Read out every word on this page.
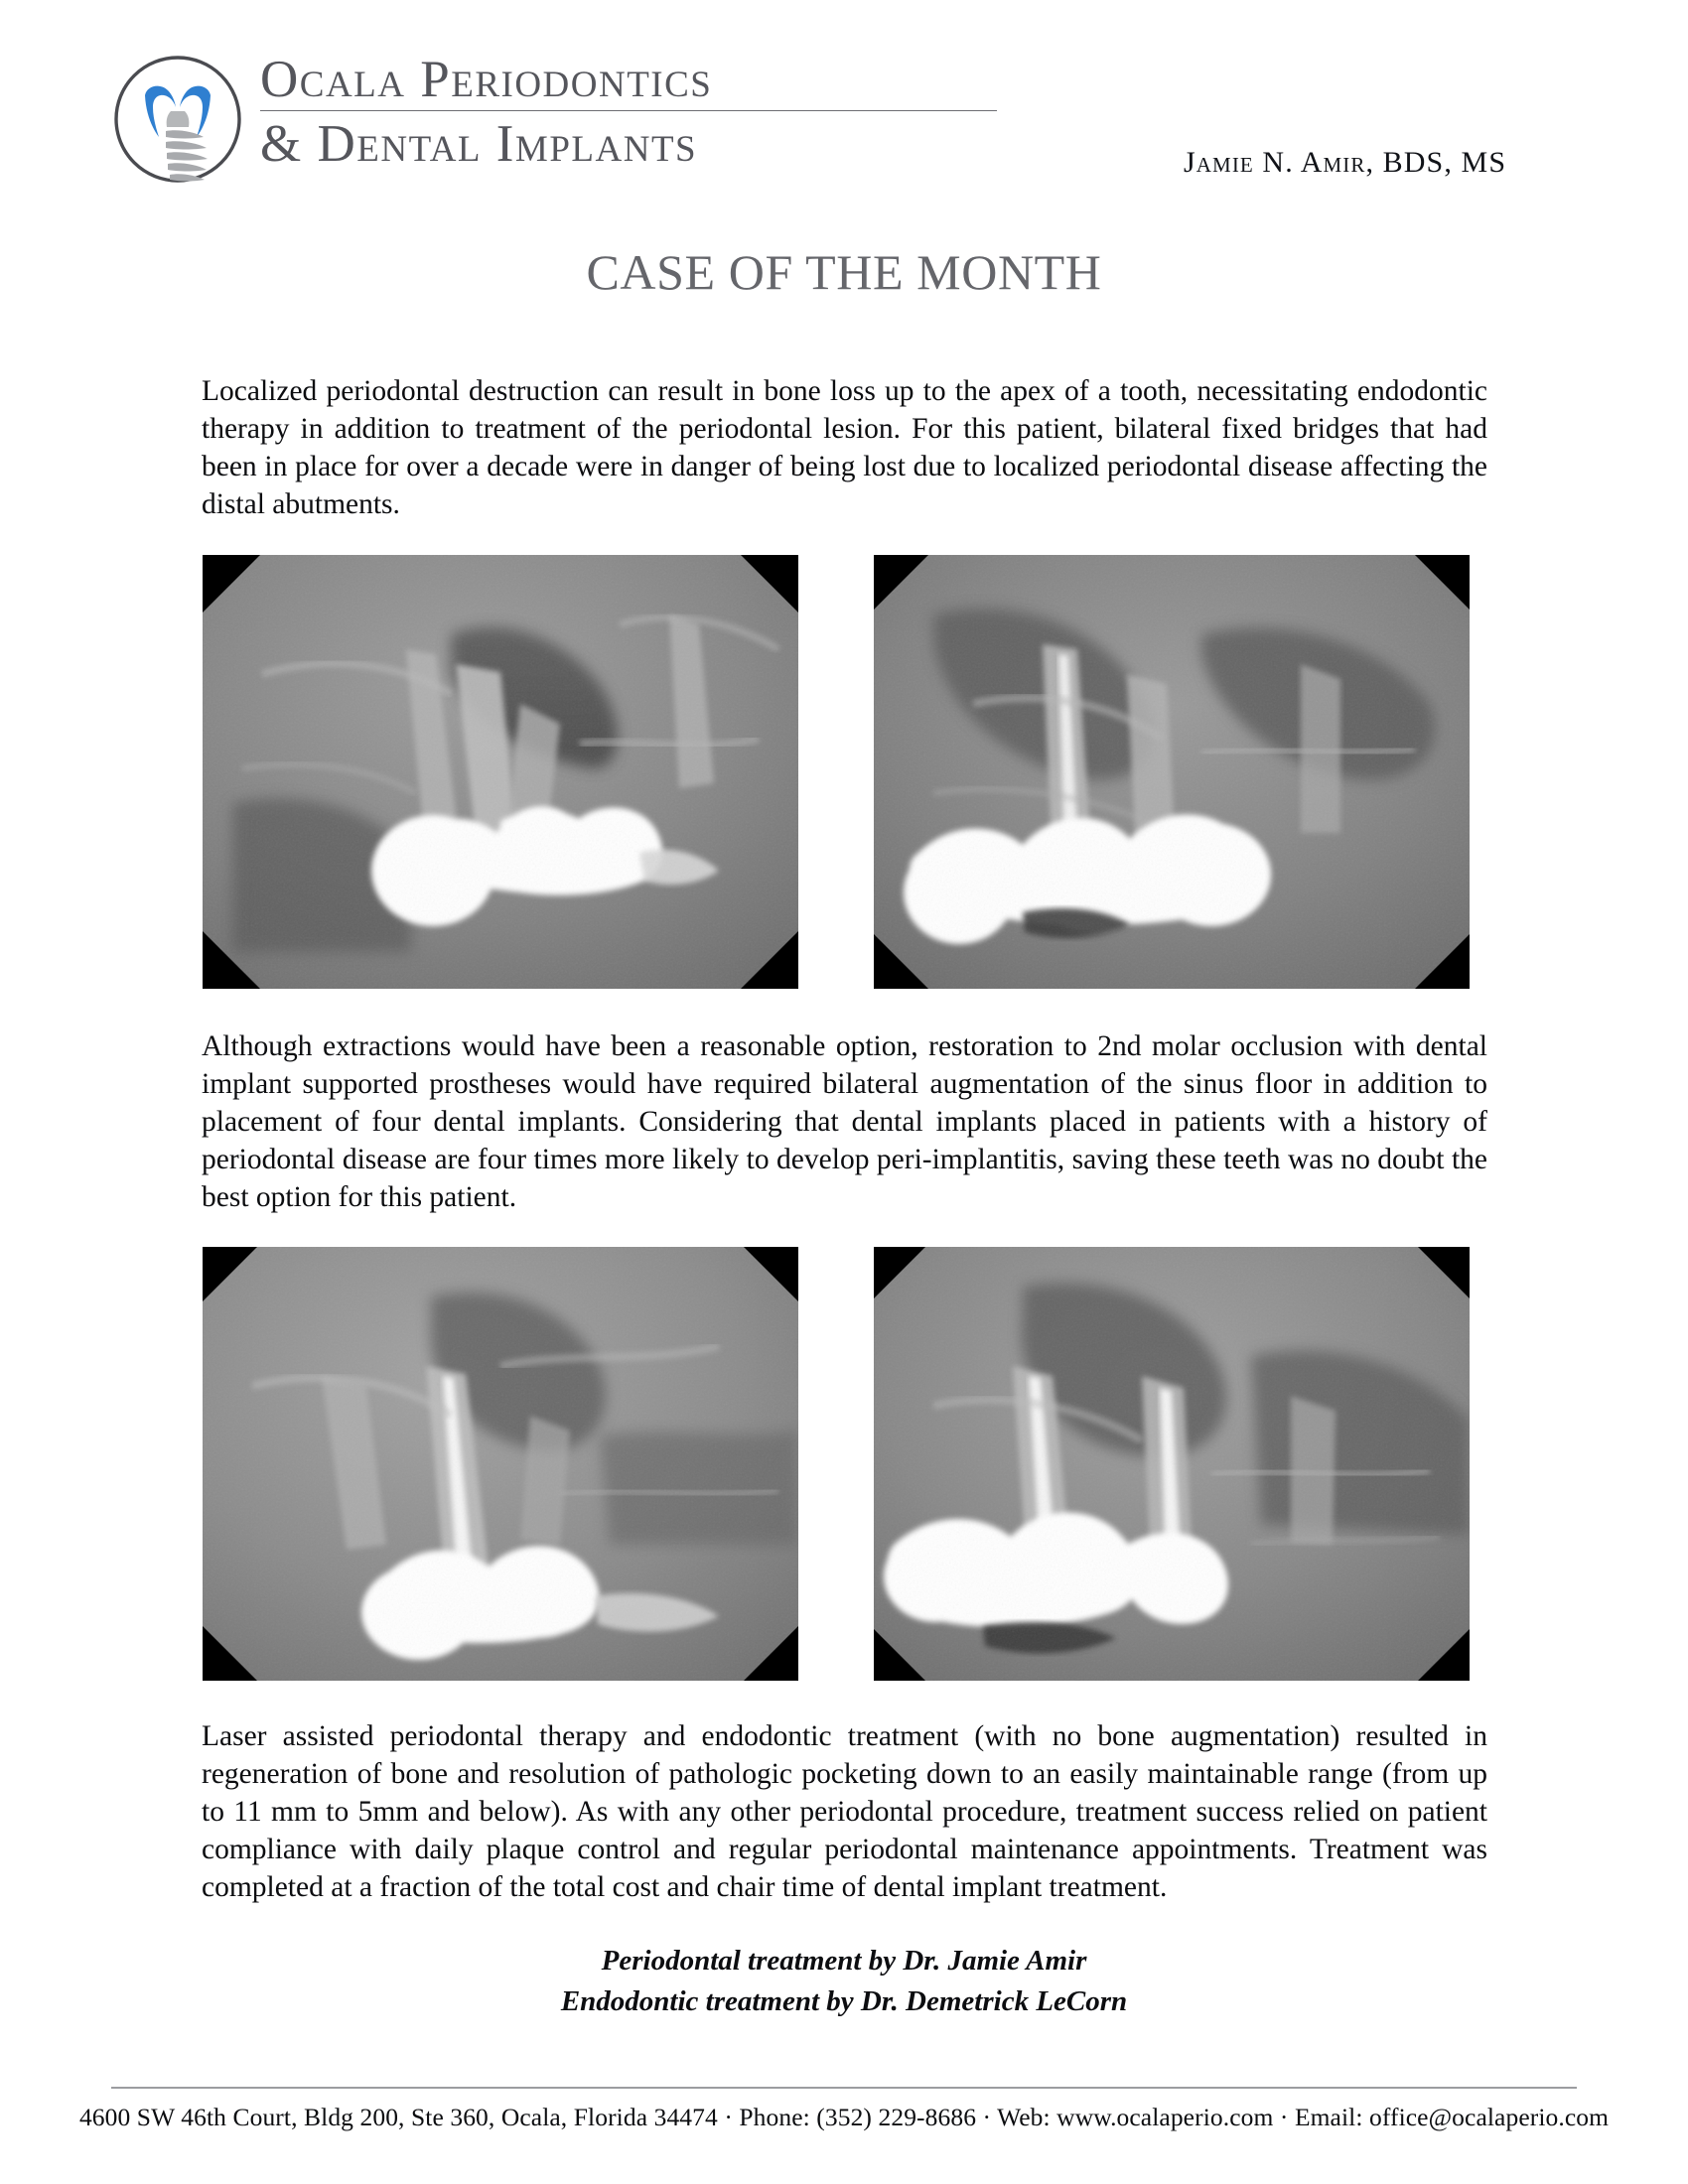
Ocala Periodontics
& Dental Implants	Jamie N. Amir, BDS, MS
CASE OF THE MONTH
Localized periodontal destruction can result in bone loss up to the apex of a tooth, necessitating endodontic therapy in addition to treatment of the periodontal lesion. For this patient, bilateral fixed bridges that had been in place for over a decade were in danger of being lost due to localized periodontal disease affecting the distal abutments.
Although extractions would have been a reasonable option, restoration to 2nd molar occlusion with dental implant supported prostheses would have required bilateral augmentation of the sinus floor in addition to placement of four dental implants. Considering that dental implants placed in patients with a history of periodontal disease are four times more likely to develop peri-implantitis, saving these teeth was no doubt the best option for this patient.
Laser assisted periodontal therapy and endodontic treatment (with no bone augmentation) resulted in regeneration of bone and resolution of pathologic pocketing down to an easily maintainable range (from up to 11 mm to 5mm and below). As with any other periodontal procedure, treatment success relied on patient compliance with daily plaque control and regular periodontal maintenance appointments. Treatment was completed at a fraction of the total cost and chair time of dental implant treatment.
Periodontal treatment by Dr. Jamie Amir
Endodontic treatment by Dr. Demetrick LeCorn
4600 SW 46th Court, Bldg 200, Ste 360, Ocala, Florida 34474 · Phone: (352) 229-8686 · Web: www.ocalaperio.com · Email: office@ocalaperio.com
